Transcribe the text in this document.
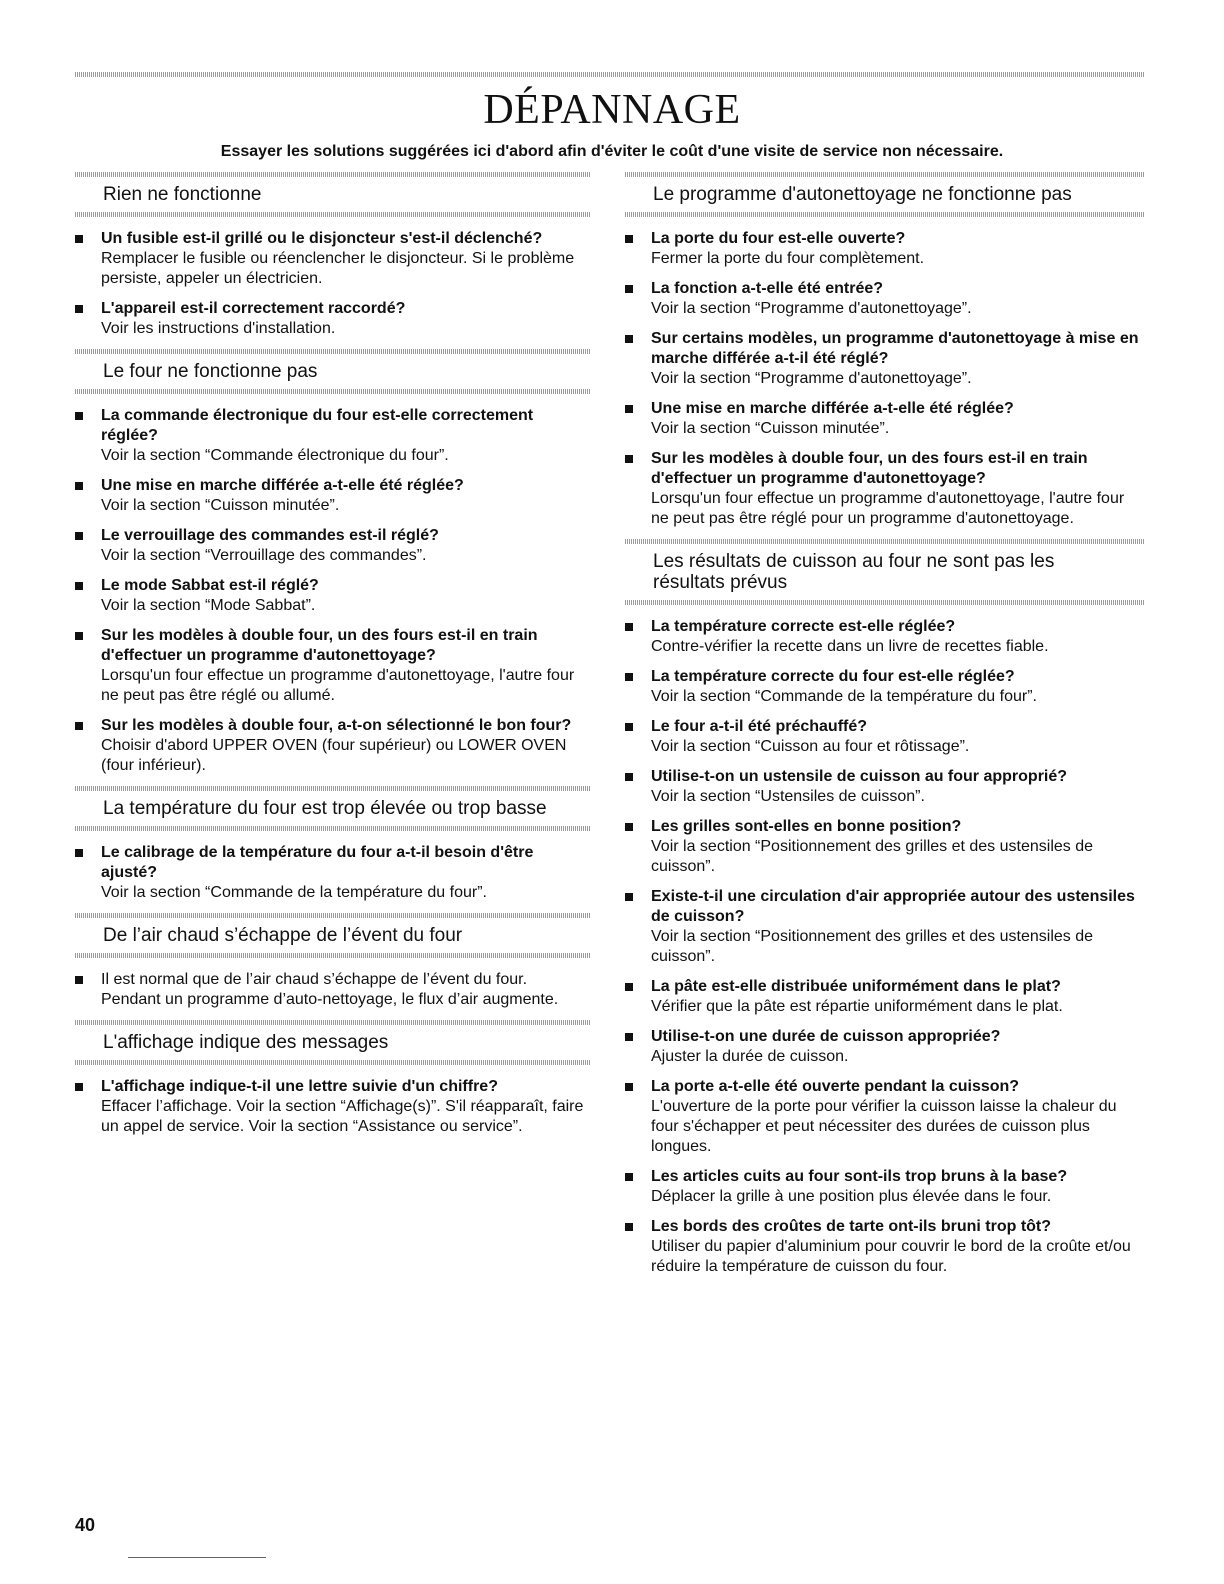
DÉPANNAGE
Essayer les solutions suggérées ici d'abord afin d'éviter le coût d'une visite de service non nécessaire.
Rien ne fonctionne
Un fusible est-il grillé ou le disjoncteur s'est-il déclenché?
Remplacer le fusible ou réenclencher le disjoncteur. Si le problème persiste, appeler un électricien.
L'appareil est-il correctement raccordé?
Voir les instructions d'installation.
Le four ne fonctionne pas
La commande électronique du four est-elle correctement réglée?
Voir la section “Commande électronique du four”.
Une mise en marche différée a-t-elle été réglée?
Voir la section “Cuisson minutée”.
Le verrouillage des commandes est-il réglé?
Voir la section “Verrouillage des commandes”.
Le mode Sabbat est-il réglé?
Voir la section “Mode Sabbat”.
Sur les modèles à double four, un des fours est-il en train d'effectuer un programme d'autonettoyage?
Lorsqu'un four effectue un programme d'autonettoyage, l'autre four ne peut pas être réglé ou allumé.
Sur les modèles à double four, a-t-on sélectionné le bon four?
Choisir d'abord UPPER OVEN (four supérieur) ou LOWER OVEN (four inférieur).
La température du four est trop élevée ou trop basse
Le calibrage de la température du four a-t-il besoin d'être ajusté?
Voir la section “Commande de la température du four”.
De l’air chaud s’échappe de l’évent du four
Il est normal que de l’air chaud s’échappe de l’évent du four. Pendant un programme d’auto-nettoyage, le flux d’air augmente.
L'affichage indique des messages
L'affichage indique-t-il une lettre suivie d'un chiffre?
Effacer l’affichage. Voir la section “Affichage(s)”. S'il réapparaît, faire un appel de service. Voir la section “Assistance ou service”.
Le programme d'autonettoyage ne fonctionne pas
La porte du four est-elle ouverte?
Fermer la porte du four complètement.
La fonction a-t-elle été entrée?
Voir la section “Programme d'autonettoyage”.
Sur certains modèles, un programme d'autonettoyage à mise en marche différée a-t-il été réglé?
Voir la section “Programme d'autonettoyage”.
Une mise en marche différée a-t-elle été réglée?
Voir la section “Cuisson minutée”.
Sur les modèles à double four, un des fours est-il en train d'effectuer un programme d'autonettoyage?
Lorsqu'un four effectue un programme d'autonettoyage, l'autre four ne peut pas être réglé pour un programme d'autonettoyage.
Les résultats de cuisson au four ne sont pas les résultats prévus
La température correcte est-elle réglée?
Contre-vérifier la recette dans un livre de recettes fiable.
La température correcte du four est-elle réglée?
Voir la section “Commande de la température du four”.
Le four a-t-il été préchauffé?
Voir la section “Cuisson au four et rôtissage”.
Utilise-t-on un ustensile de cuisson au four approprié?
Voir la section “Ustensiles de cuisson”.
Les grilles sont-elles en bonne position?
Voir la section “Positionnement des grilles et des ustensiles de cuisson”.
Existe-t-il une circulation d'air appropriée autour des ustensiles de cuisson?
Voir la section “Positionnement des grilles et des ustensiles de cuisson”.
La pâte est-elle distribuée uniformément dans le plat?
Vérifier que la pâte est répartie uniformément dans le plat.
Utilise-t-on une durée de cuisson appropriée?
Ajuster la durée de cuisson.
La porte a-t-elle été ouverte pendant la cuisson?
L'ouverture de la porte pour vérifier la cuisson laisse la chaleur du four s'échapper et peut nécessiter des durées de cuisson plus longues.
Les articles cuits au four sont-ils trop bruns à la base?
Déplacer la grille à une position plus élevée dans le four.
Les bords des croûtes de tarte ont-ils bruni trop tôt?
Utiliser du papier d'aluminium pour couvrir le bord de la croûte et/ou réduire la température de cuisson du four.
40
